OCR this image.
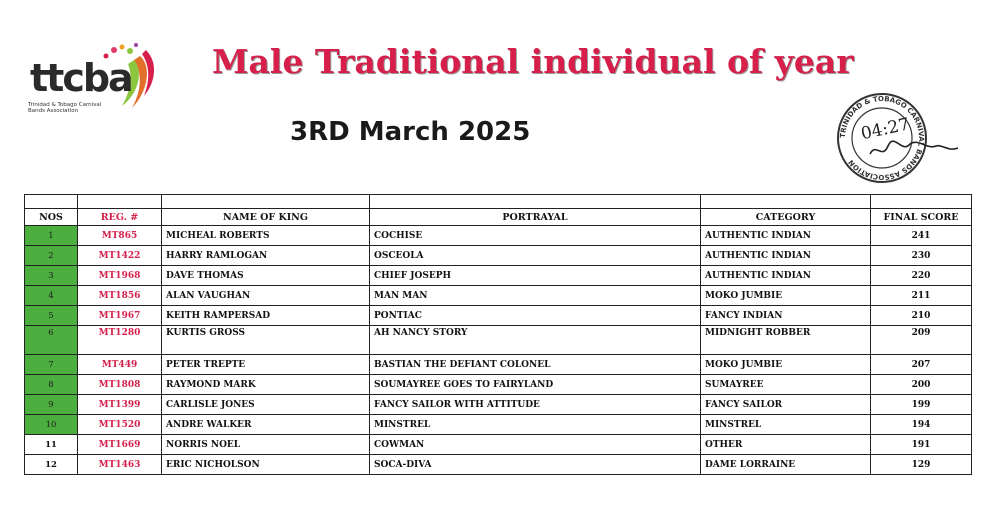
ttcba
Trinidad & Tobago Carnival Bands Association
Male Traditional individual of year
3RD March 2025	TRINIDAD & TOBAGO CARNIVAL BANDS ASSOCIATION
04:27

NOS	REG. #	NAME OF KING	PORTRAYAL	CATEGORY	FINAL SCORE
1	MT865	MICHEAL ROBERTS	COCHISE	AUTHENTIC INDIAN	241
2	MT1422	HARRY RAMLOGAN	OSCEOLA	AUTHENTIC INDIAN	230
3	MT1968	DAVE THOMAS	CHIEF JOSEPH	AUTHENTIC INDIAN	220
4	MT1856	ALAN VAUGHAN	MAN MAN	MOKO JUMBIE	211
5	MT1967	KEITH RAMPERSAD	PONTIAC	FANCY INDIAN	210
6	MT1280	KURTIS GROSS	AH NANCY STORY	MIDNIGHT ROBBER	209
7	MT449	PETER TREPTE	BASTIAN THE DEFIANT COLONEL	MOKO JUMBIE	207
8	MT1808	RAYMOND MARK	SOUMAYREE GOES TO FAIRYLAND	SUMAYREE	200
9	MT1399	CARLISLE JONES	FANCY SAILOR WITH ATTITUDE	FANCY SAILOR	199
10	MT1520	ANDRE WALKER	MINSTREL	MINSTREL	194
11	MT1669	NORRIS NOEL	COWMAN	OTHER	191
12	MT1463	ERIC NICHOLSON	SOCA-DIVA	DAME LORRAINE	129
